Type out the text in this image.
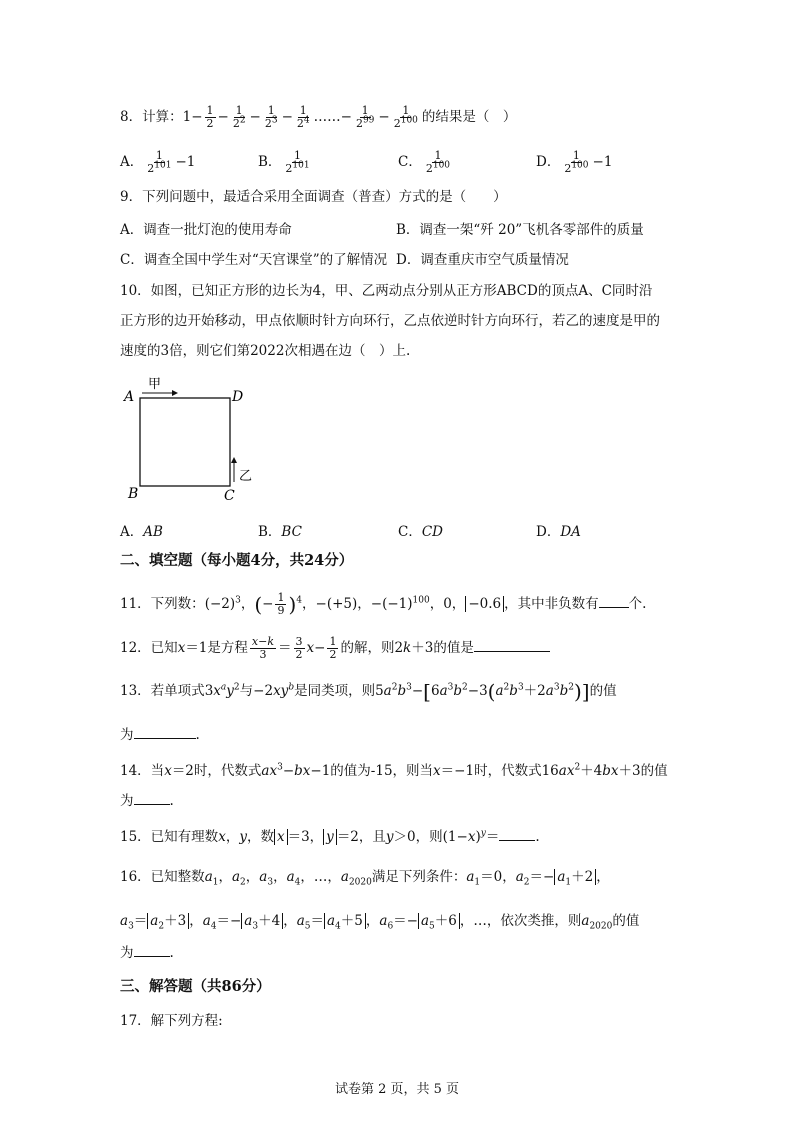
8．计算：$1- \frac{1}{2} - \frac{1}{2^2} - \frac{1}{2^3} - \frac{1}{2^4}$ ……− $\frac{1}{2^{99}} - \frac{1}{2^{100}}$ 的结果是（　）
A． $\frac{1}{2^{101}} -1$	B． $\frac{1}{2^{101}}$	C． $\frac{1}{2^{100}}$	D． $\frac{1}{2^{100}} -1$
9．下列问题中，最适合采用全面调查（普查）方式的是（　　）
A．调查一批灯泡的使用寿命	B．调查一架“歼 20”飞机各零部件的质量
C．调查全国中学生对“天宫课堂”的了解情况 D．调查重庆市空气质量情况
10．如图，已知正方形的边长为4，甲、乙两动点分别从正方形ABCD的顶点A、C同时沿
正方形的边开始移动，甲点依顺时针方向环行，乙点依逆时针方向环行，若乙的速度是甲的
速度的3倍，则它们第2022次相遇在边（　）上.
A	D
B	C
甲
乙
A．AB	B．BC	C．CD	D．DA
二、填空题（每小题4分，共24分）
11．下列数：$(-2)^3$，(− $\frac{1}{9} )^4$，−(+5)，$-(-1)^{100}$，0， −0.6 ，其中非负数有 个.
12．已知x＝1是方程 $\frac{x-k}{3} = \frac{3}{2} x- \frac{1}{2}$ 的解，则2k＋3的值是
13．若单项式$3x^ay^2$与$-2xy^b$是同类项，则$5a^2b^3-[6a^3b^2-3(a^2b^3+2a^3b^2)]$的值
为	.
14．当x＝2时，代数式$ax^3-bx-1$的值为-15，则当x＝−1时，代数式$16ax^2+4bx+3$的值
为	.
15．已知有理数x，y，数 x ＝3， y ＝2，且y＞0，则$(1-x)^y=$	.
16．已知整数$a_1$，$a_2$，$a_3$，$a_4$，…，$a_{2020}$满足下列条件：$a_1=0$，$a_2=- a_1+2$ ，
$a_3= a_2+3$ ，$a_4=- a_3+4$ ，$a_5= a_4+5$ ，$a_6=- a_5+6$ ，…，依次类推，则$a_{2020}$的值
为	.
三、解答题（共86分）
17．解下列方程:
试卷第 2 页，共 5 页
